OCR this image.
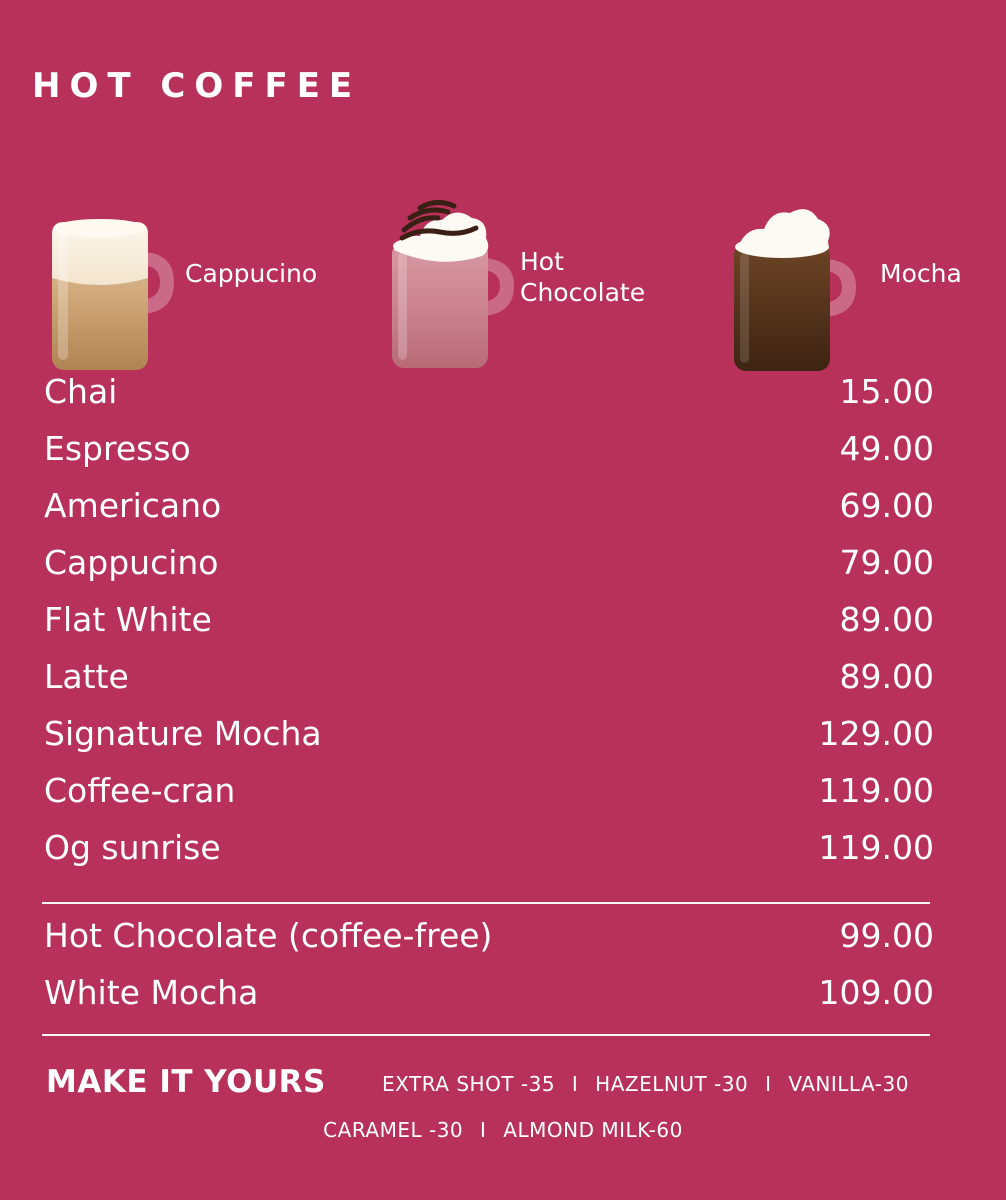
HOT COFFEE
Cappucino	Hot
Chocolate
Mocha
Chai	15.00
Espresso	49.00
Americano	69.00
Cappucino	79.00
Flat White	89.00
Latte	89.00
Signature Mocha	129.00
Coffee-cran	119.00
Og sunrise	119.00
Hot Chocolate (coffee-free)	99.00
White Mocha	109.00
MAKE IT YOURS	EXTRA SHOT -35 I HAZELNUT -30 I VANILLA-30
CARAMEL -30 I ALMOND MILK-60
